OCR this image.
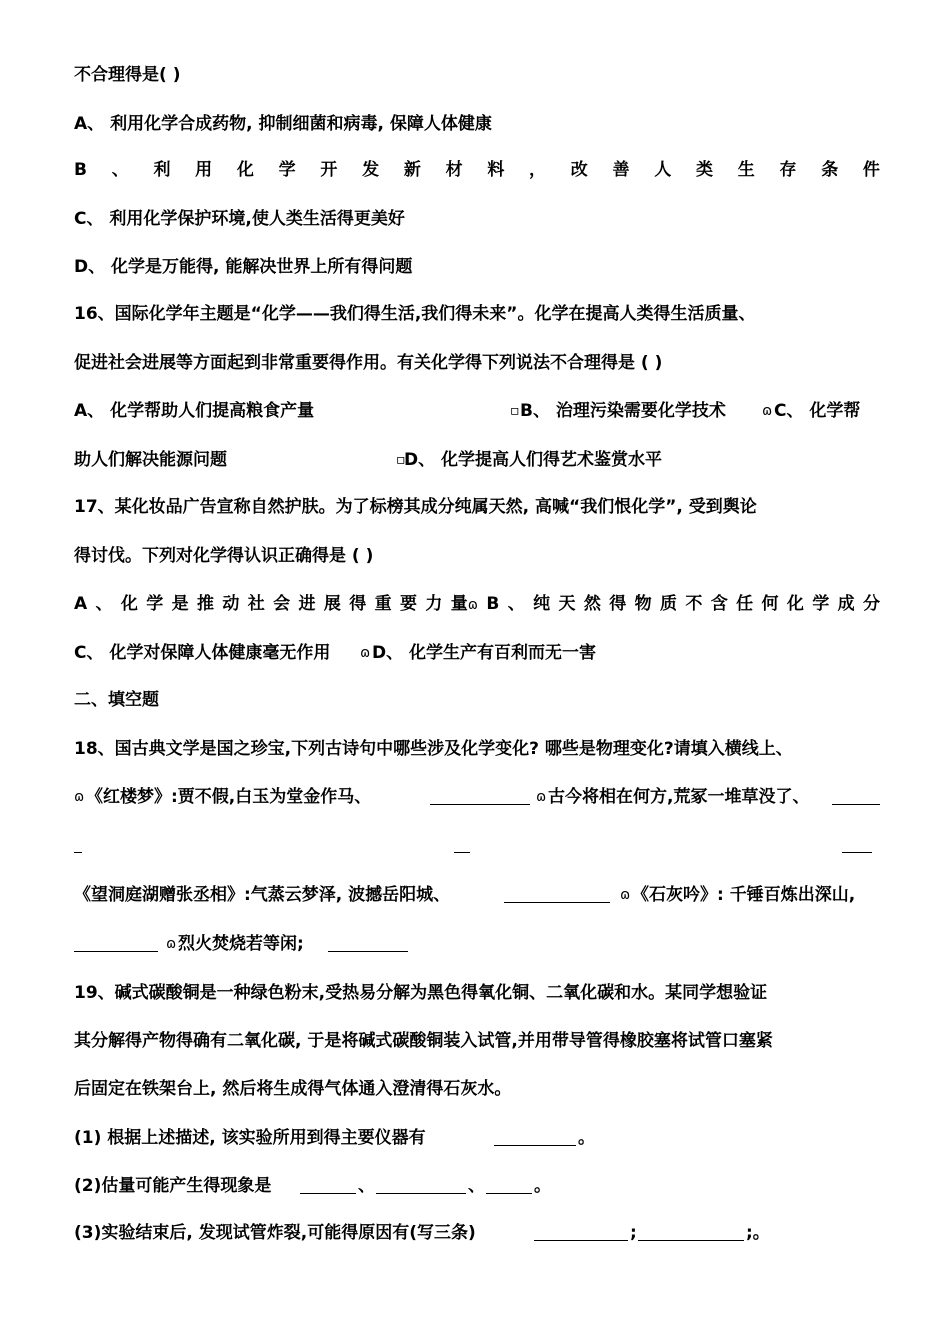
不合理得是( )
A、 利用化学合成药物, 抑制细菌和病毒, 保障人体健康
B 、 利 用 化 学 开 发 新 材 料 ， 改 善 人 类 生 存 条 件
C、 利用化学保护环境,使人类生活得更美好
D、 化学是万能得, 能解决世界上所有得问题
16、国际化学年主题是“化学——我们得生活,我们得未来”。化学在提高人类得生活质量、
促进社会进展等方面起到非常重要得作用。有关化学得下列说法不合理得是 ( )
A、 化学帮助人们提高粮食产量	▫ B、 治理污染需要化学技术	ɷ C、 化学帮
助人们解决能源问题	▫
D、 化学提高人们得艺术鉴赏水平
17、某化妆品广告宣称自然护肤。为了标榜其成分纯属天然, 高喊“我们恨化学”, 受到舆论
得讨伐。下列对化学得认识正确得是 ( )
A 、 化 学 是 推 动 社 会 进 展 得 重 要 力 量ɷ B 、 纯 天 然 得 物 质 不 含 任 何 化 学 成 分
C、 化学对保障人体健康毫无作用 ɷ D、 化学生产有百利而无一害
二、填空题
18、国古典文学是国之珍宝,下列古诗句中哪些涉及化学变化? 哪些是物理变化?请填入横线上、
ɷ 《红楼梦》:贾不假,白玉为堂金作马、	ɷ 古今将相在何方,荒冢一堆草没了、
《望洞庭湖赠张丞相》:气蒸云梦泽, 波撼岳阳城、	ɷ 《石灰吟》: 千锤百炼出深山,
ɷ 烈火焚烧若等闲;
19、碱式碳酸铜是一种绿色粉末,受热易分解为黑色得氧化铜、二氧化碳和水。某同学想验证
其分解得产物得确有二氧化碳, 于是将碱式碳酸铜装入试管,并用带导管得橡胶塞将试管口塞紧
后固定在铁架台上, 然后将生成得气体通入澄清得石灰水。
(1) 根据上述描述, 该实验所用到得主要仪器有	。
(2)估量可能产生得现象是	、	、	。
(3)实验结束后, 发现试管炸裂,可能得原因有(写三条)	;	;。
